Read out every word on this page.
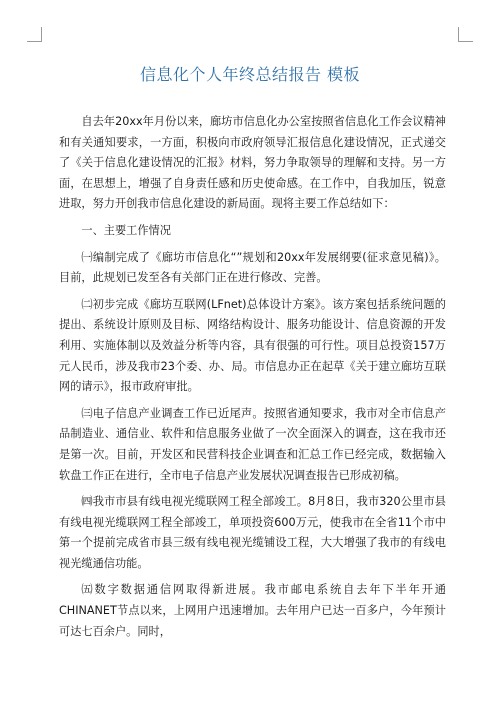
信息化个人年终总结报告 模板

自去年20xx年月份以来，廊坊市信息化办公室按照省信息化工作会议精神和有关通知要求，一方面，积极向市政府领导汇报信息化建设情况，正式递交了《关于信息化建设情况的汇报》材料，努力争取领导的理解和支持。另一方面，在思想上，增强了自身责任感和历史使命感。在工作中，自我加压，锐意进取，努力开创我市信息化建设的新局面。现将主要工作总结如下：

一、主要工作情况

㈠编制完成了《廊坊市信息化“”规划和20xx年发展纲要(征求意见稿)》。目前，此规划已发至各有关部门正在进行修改、完善。

㈡初步完成《廊坊互联网(LFnet)总体设计方案》。该方案包括系统问题的提出、系统设计原则及目标、网络结构设计、服务功能设计、信息资源的开发利用、实施体制以及效益分析等内容，具有很强的可行性。项目总投资157万元人民币，涉及我市23个委、办、局。市信息办正在起草《关于建立廊坊互联网的请示》，报市政府审批。

㈢电子信息产业调查工作已近尾声。按照省通知要求，我市对全市信息产品制造业、通信业、软件和信息服务业做了一次全面深入的调查，这在我市还是第一次。目前，开发区和民营科技企业调查和汇总工作已经完成，数据输入软盘工作正在进行，全市电子信息产业发展状况调查报告已形成初稿。

㈣我市市县有线电视光缆联网工程全部竣工。8月8日，我市320公里市县有线电视光缆联网工程全部竣工，单项投资600万元，使我市在全省11个市中第一个提前完成省市县三级有线电视光缆铺设工程，大大增强了我市的有线电视光缆通信功能。

㈤数字数据通信网取得新进展。我市邮电系统自去年下半年开通CHINANET节点以来，上网用户迅速增加。去年用户已达一百多户，今年预计可达七百余户。同时，
